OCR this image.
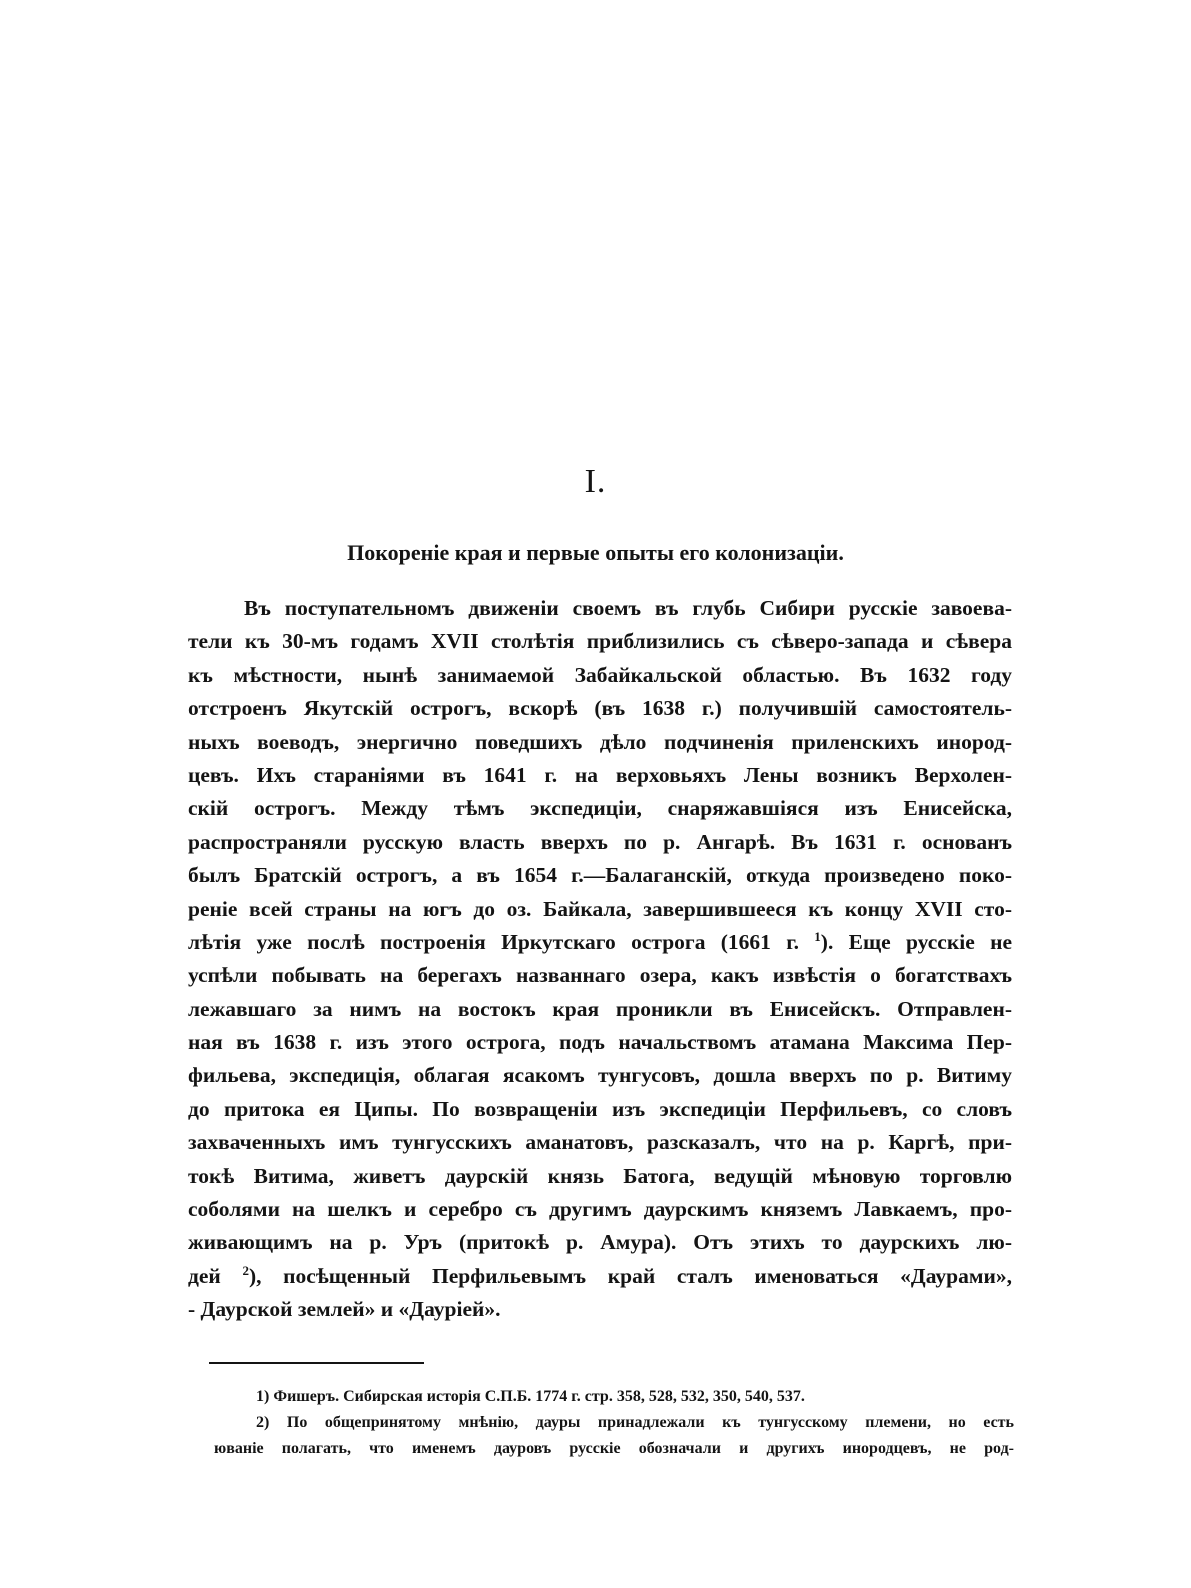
I.
Покореніе края и первые опыты его колонизаціи.
Въ поступательномъ движеніи своемъ въ глубь Сибири русскіе завоева-
тели къ 30-мъ годамъ XVII столѣтія приблизились съ сѣверо-запада и сѣвера
къ мѣстности, нынѣ занимаемой Забайкальской областью. Въ 1632 году
отстроенъ Якутскій острогъ, вскорѣ (въ 1638 г.) получившій самостоятель-
ныхъ воеводъ, энергично поведшихъ дѣло подчиненія приленскихъ инород-
цевъ. Ихъ стараніями въ 1641 г. на верховьяхъ Лены возникъ Верхолен-
скій острогъ. Между тѣмъ экспедиціи, снаряжавшіяся изъ Енисейска,
распространяли русскую власть вверхъ по р. Ангарѣ. Въ 1631 г. основанъ
былъ Братскій острогъ, а въ 1654 г.—Балаганскій, откуда произведено поко-
реніе всей страны на югъ до оз. Байкала, завершившееся къ концу XVII сто-
лѣтія уже послѣ построенія Иркутскаго острога (1661 г. $^1$). Еще русскіе не
успѣли побывать на берегахъ названнаго озера, какъ извѣстія о богатствахъ
лежавшаго за нимъ на востокъ края проникли въ Енисейскъ. Отправлен-
ная въ 1638 г. изъ этого острога, подъ начальствомъ атамана Максима Пер-
фильева, экспедиція, облагая ясакомъ тунгусовъ, дошла вверхъ по р. Витиму
до притока ея Ципы. По возвращеніи изъ экспедиціи Перфильевъ, со словъ
захваченныхъ имъ тунгусскихъ аманатовъ, разсказалъ, что на р. Каргѣ, при-
токѣ Витима, живетъ даурскій князь Батога, ведущій мѣновую торговлю
соболями на шелкъ и серебро съ другимъ даурскимъ княземъ Лавкаемъ, про-
живающимъ на р. Уръ (притокѣ р. Амура). Отъ этихъ то даурскихъ лю-
дей $^2$), посѣщенный Перфильевымъ край сталъ именоваться «Даурами»,
- Даурской землей» и «Дауріей».
1) Фишеръ. Сибирская исторія С.П.Б. 1774 г. стр. 358, 528, 532, 350, 540, 537.
2) По общепринятому мнѣнію, дауры принадлежали къ тунгусскому племени, но есть
юваніе полагать, что именемъ дауровъ русскіе обозначали и другихъ инородцевъ, не род-
